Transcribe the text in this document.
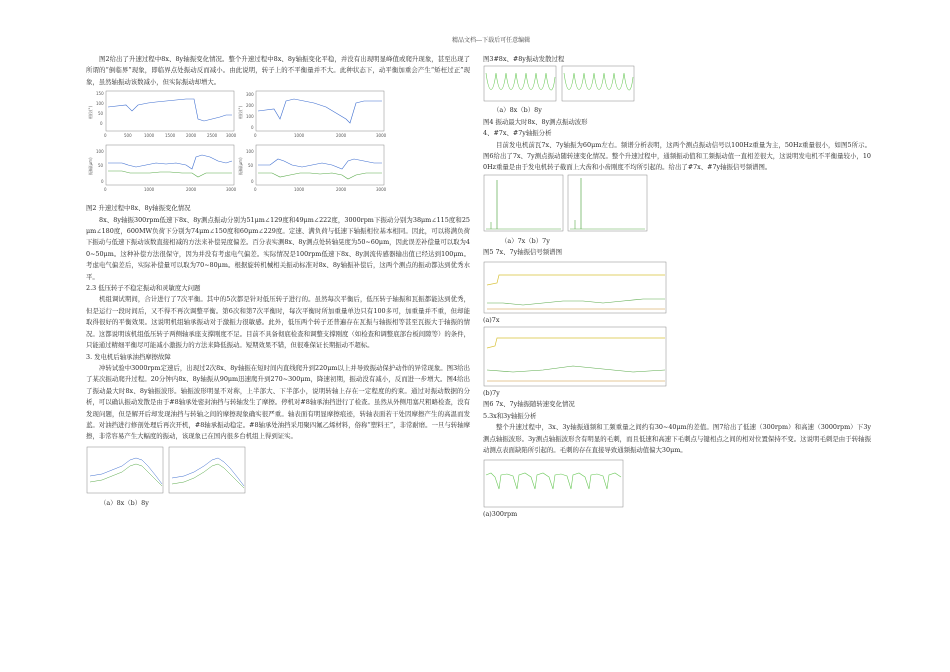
精品文档---下载后可任意编辑

图2给出了升速过程中8x、8y轴振变化情况。整个升速过程中8x、8y轴振变化平稳，并没有出现明显峰值或爬升现象，甚至出现了所谓的“倒临界”现象，即临界点处振动反而减小。由此说明，转子上的不平衡量并不大。此种状态下，动平衡加重会产生“矫枉过正”现象，虽然轴振动该数减小，但实际振动却增大。

相位(°)
150
100
50
0
0	500	1000	1500	2000	2500 3000
相位(°)
300
200
100
0
0	1000	2000	3000
振幅(μm)
100
50
0
0	1000	2000	3000
振幅(μm)
100
50
0
0	1000	2000	3000
图2 升速过程中8x、8y轴振变化情况

8x、8y轴振300rpm低速下8x、8y测点振动分别为51μm∠129度和49μm∠222度，3000rpm下振动分别为38μm∠115度和25μm∠180度，600MW负荷下分别为74μm∠150度和60μm∠229度。定速、满负荷与低速下轴振相位基本相同。因此，可以将满负荷下振动与低速下振动该数直接相减的方法来补偿晃度偏差。百分表实测8x、8y测点处转轴晃度为50~60μm，因此误差补偿量可以取为40~50μm。这种补偿方法很保守，因为并没有考虑电气偏差。实际情况是100rpm低速下8x、8y涡流传感器输出值已经达到100μm。考虑电气偏差后，实际补偿量可以取为70~80μm。根据旋转机械相关振动标准对8x、8y轴振补偿后，这两个测点的振动都达到优秀水平。

2.3 低压转子不稳定振动和灵敏度大问题

机组调试期间，合计进行了7次平衡。其中的5次都是针对低压转子进行的。虽然每次平衡后，低压转子轴振和瓦振都能达到优秀，但是运行一段时间后，又不得不再次调整平衡。第6次和第7次平衡时，每次平衡时所加重量单边只有100多可，加重量并不重，但却能取得很好的平衡效果。这说明机组轴承振动对于激振力很敏感。此外，低压两个转子还普遍存在瓦振与轴振相等甚至瓦振大于轴振的情况。这都说明该机组低压转子两侧轴承座支撑刚度不足。目前不具备彻底检查和调整支撑刚度（如检查和调整底部台板间隙等）的条件，只能通过精细平衡尽可能减小激振力的方法来降低振动。短期效果不错，但很难保证长期振动不超标。

3. 发电机后轴承油挡摩擦故障

冲转试验中3000rpm定速后，出现过2次8x、8y轴振在短时间内直线爬升到220μm以上并导致振动保护动作的异常现象。图3给出了某次振动爬升过程。20分钟内8x、8y轴振从90μm迅速爬升到270~300μm，降速初期，振动没有减小，反而进一步增大。图4给出了振动最大时8x、8y轴振波形。轴振波形明显不对称，上半部大、下半部小，说明转轴上存在一定程度的约束。通过对振动数据的分析，可以确认振动发散是由于#8轴承处密封油挡与转轴发生了摩擦。停机对#8轴承油挡进行了检查。虽然从外侧用塞尺粗略检查，没有发现问题，但是解开后却发现油挡与转轴之间的摩擦现象确实很严重。轴表面有明显摩擦痕迹，转轴表面若干处因摩擦产生的高温而发蓝。对油挡进行修剖处理后再次开机，#8轴承振动稳定。#8轴承处油挡采用聚四氟乙烯材料，俗称“塑料王”，非常耐磨。一旦与转轴摩擦，非常容易产生大幅度的振动，该现象已在国内很多台机组上得到证实。

（a）8x（b）8y
图3#8x、#8y振动发散过程
（a）8x（b）8y
图4 振动最大时8x、8y测点振动波形
4、#7x、#7y轴振分析

目前发电机前瓦7x、7y轴振为60μm左右。频谱分析表明，这两个测点振动信号以100Hz重量为主，50Hz重量很小，如图5所示。图6给出了7x、7y测点振动随转速变化情况。整个升速过程中，通频振动值和工频振动值一直相差很大，这说明发电机不平衡量较小，100Hz重量是由于发电机转子截面上大齿和小齿刚度不均所引起的。给出了#7x、#7y轴振信号频谱图。

（a）7x（b）7y
图5 7x、7y轴振信号频谱图
(a)7x
(b)7y
图6 7x、7y轴振随转速变化情况
5.3x和3y轴振分析

整个升速过程中，3x、3y轴振通频和工频重量之间约有30~40μm的差值。图7给出了低速（300rpm）和高速（3000rpm）下3y测点轴振波形。3y测点轴振波形含有明显的毛刺，而且低速和高速下毛刺点与键相点之间的相对位置保持不变。这说明毛刺是由于转轴振动测点表面缺陷所引起的。毛刺的存在直接导致通频振动值偏大30μm。

(a)300rpm
